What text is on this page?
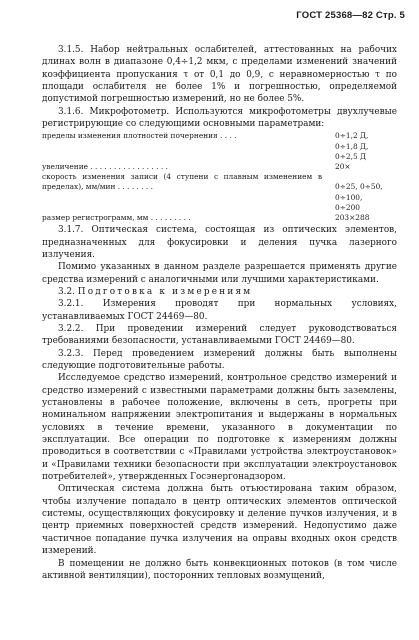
ГОСТ 25368—82 Стр. 5

3.1.5. Набор нейтральных ослабителей, аттестованных на рабочих длинах волн в диапазоне 0,4÷1,2 мкм, с пределами изменений значений коэффициента пропускания τ от 0,1 до 0,9, с неравномерностью τ по площади ослабителя не более 1% и погрешностью, определяемой допустимой погрешностью измерений, но не более 5%.

3.1.6. Микрофотометр. Используются микрофотометры двухлучевые регистрирующие со следующими основными параметрами:

пределы изменения плотностей почернения . . . .	0÷1,2 Д,
0÷1,8 Д,
0÷2,5 Д
увеличение . . . . . . . . . . . . . . . . .	20×
скорость изменения записи (4 ступени с плавным изменением в пределах), мм/мин . . . . . . . .	0÷25, 0÷50,
0÷100,
0÷200
размер регистрограмм, мм . . . . . . . . .	203×288

3.1.7. Оптическая система, состоящая из оптических элементов, предназначенных для фокусировки и деления пучка лазерного излучения.

Помимо указанных в данном разделе разрешается применять другие средства измерений с аналогичными или лучшими характеристиками.

3.2. Подготовка к измерениям

3.2.1. Измерения проводят при нормальных условиях, устанавливаемых ГОСТ 24469—80.

3.2.2. При проведении измерений следует руководствоваться требованиями безопасности, устанавливаемыми ГОСТ 24469—80.

3.2.3. Перед проведением измерений должны быть выполнены следующие подготовительные работы.

Исследуемое средство измерений, контрольное средство измерений и средство измерений с известными параметрами должны быть заземлены, установлены в рабочее положение, включены в сеть, прогреты при номинальном напряжении электропитания и выдержаны в нормальных условиях в течение времени, указанного в документации по эксплуатации. Все операции по подготовке к измерениям должны проводиться в соответствии с «Правилами устройства электроустановок» и «Правилами техники безопасности при эксплуатации электроустановок потребителей», утвержденных Госэнергонадзором.

Оптическая система должна быть отъюстирована таким образом, чтобы излучение попадало в центр оптических элементов оптической системы, осуществляющих фокусировку и деление пучков излучения, и в центр приемных поверхностей средств измерений. Недопустимо даже частичное попадание пучка излучения на оправы входных окон средств измерений.

В помещении не должно быть конвекционных потоков (в том числе активной вентиляции), посторонних тепловых возмущений,
